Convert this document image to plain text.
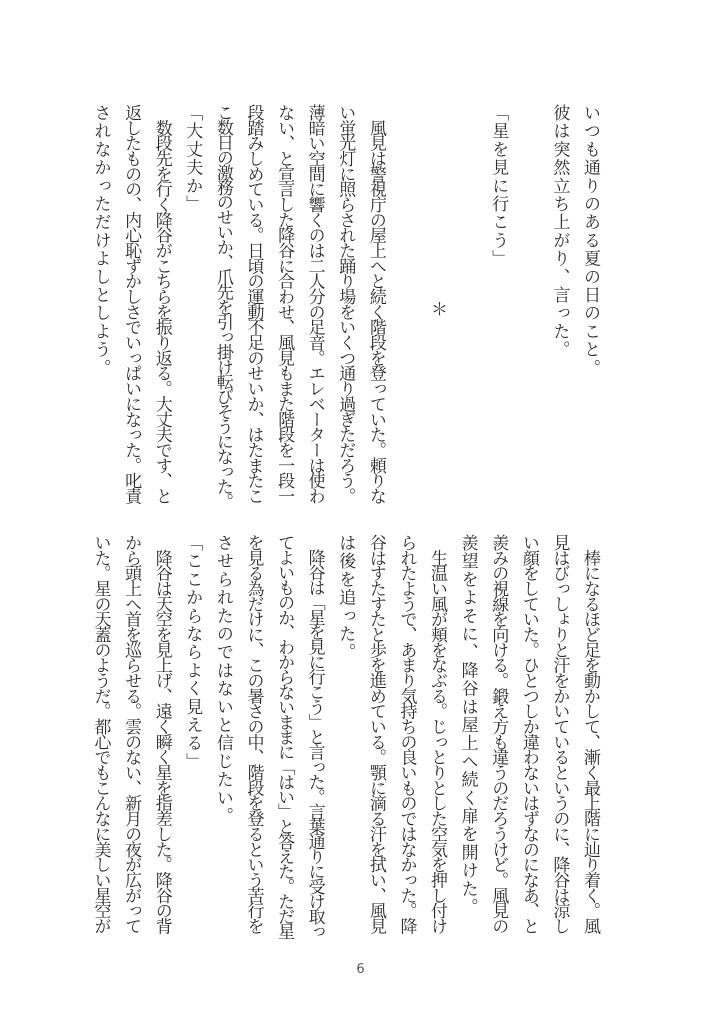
いつも通りのある夏の日のこと。

彼は突然立ち上がり、言った。

「星を見に行こう」

＊

　風見は警視庁の屋上へと続く階段を登っていた。頼りな

い蛍光灯に照らされた踊り場をいくつ通り過ぎただろう。

薄暗い空間に響くのは二人分の足音。エレベーターは使わ

ない、と宣言した降谷に合わせ、風見もまた階段を一段一

段踏みしめている。日頃の運動不足のせいか、はたまたこ

こ数日の激務のせいか、爪先を引っ掛け転びそうになった。

「大丈夫か」

　数段先を行く降谷がこちらを振り返る。大丈夫です、と

返したものの、内心恥ずかしさでいっぱいになった。叱責

されなかっただけよしとしよう。

　棒になるほど足を動かして、漸く最上階に辿り着く。風

見はびっしょりと汗をかいているというのに、降谷は涼し

い顔をしていた。ひとつしか違わないはずなのになあ、と

羨みの視線を向ける。鍛え方も違うのだろうけど。風見の

羨望をよそに、降谷は屋上へ続く扉を開けた。

　生温い風が頬をなぶる。じっとりとした空気を押し付け

られたようで、あまり気持ちの良いものではなかった。降

谷はすたすたと歩を進めている。顎に滴る汗を拭い、風見

は後を追った。

　降谷は「星を見に行こう」と言った。言葉通りに受け取っ

てよいものか、わからないままに「はい」と答えた。ただ星

を見る為だけに、この暑さの中、階段を登るという苦行を

させられたのではないと信じたい。

「ここからならよく見える」

　降谷は天空を見上げ、遠く瞬く星を指差した。降谷の背

から頭上へ首を巡らせる。雲のない、新月の夜が広がって

いた。星の天蓋のようだ。都心でもこんなに美しい星空が

6
